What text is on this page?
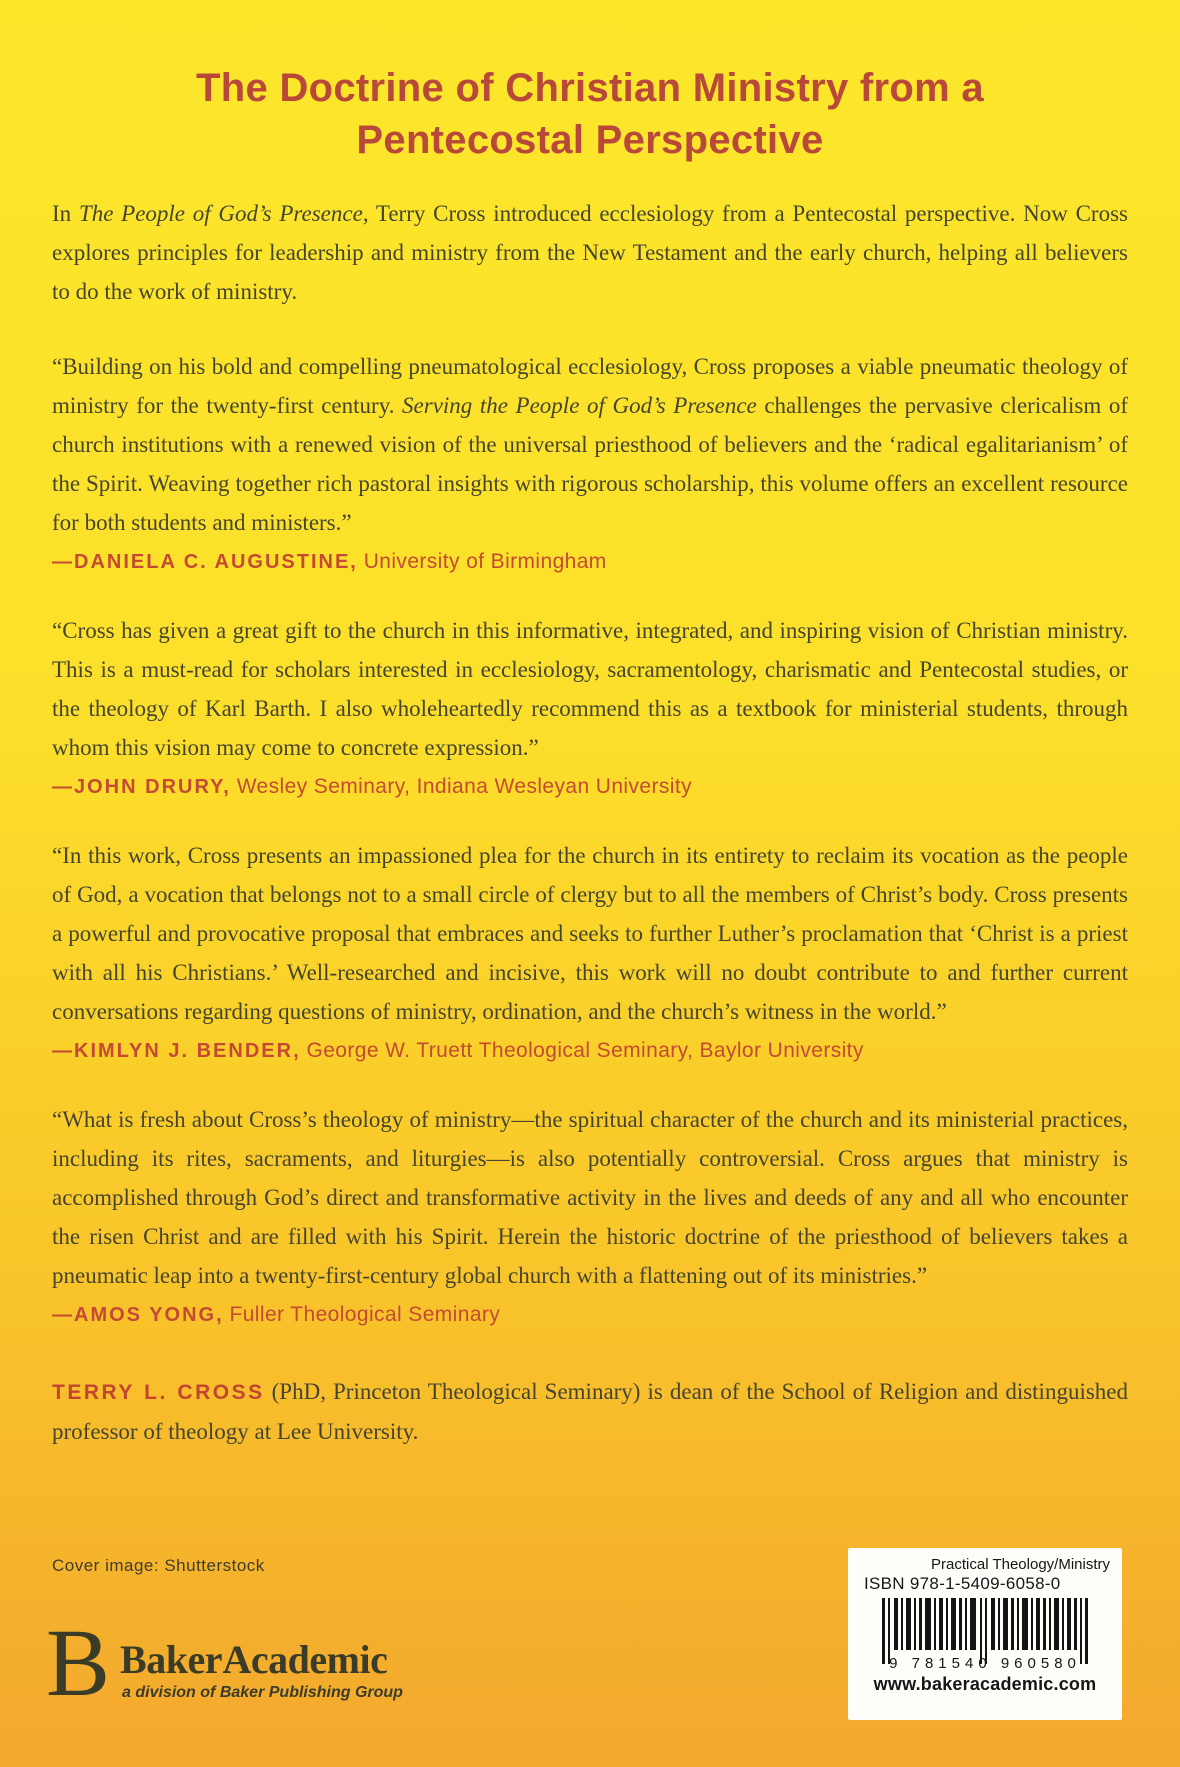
The Doctrine of Christian Ministry from a
Pentecostal Perspective

In The People of God’s Presence, Terry Cross introduced ecclesiology from a Pentecostal perspective. Now Cross explores principles for leadership and ministry from the New Testament and the early church, helping all believers to do the work of ministry.

“Building on his bold and compelling pneumatological ecclesiology, Cross proposes a viable pneumatic theology of ministry for the twenty-first century. Serving the People of God’s Presence challenges the pervasive clericalism of church institutions with a renewed vision of the universal priesthood of believers and the ‘radical egalitarianism’ of the Spirit. Weaving together rich pastoral insights with rigorous scholarship, this volume offers an excellent resource for both students and ministers.”

—DANIELA C. AUGUSTINE, University of Birmingham

“Cross has given a great gift to the church in this informative, integrated, and inspiring vision of Christian ministry. This is a must-read for scholars interested in ecclesiology, sacramentology, charismatic and Pentecostal studies, or the theology of Karl Barth. I also wholeheartedly recommend this as a textbook for ministerial students, through whom this vision may come to concrete expression.”

—JOHN DRURY, Wesley Seminary, Indiana Wesleyan University

“In this work, Cross presents an impassioned plea for the church in its entirety to reclaim its vocation as the people of God, a vocation that belongs not to a small circle of clergy but to all the members of Christ’s body. Cross presents a powerful and provocative proposal that embraces and seeks to further Luther’s proclamation that ‘Christ is a priest with all his Christians.’ Well-researched and incisive, this work will no doubt contribute to and further current conversations regarding questions of ministry, ordination, and the church’s witness in the world.”

—KIMLYN J. BENDER, George W. Truett Theological Seminary, Baylor University

“What is fresh about Cross’s theology of ministry—the spiritual character of the church and its ministerial practices, including its rites, sacraments, and liturgies—is also potentially controversial. Cross argues that ministry is accomplished through God’s direct and transformative activity in the lives and deeds of any and all who encounter the risen Christ and are filled with his Spirit. Herein the historic doctrine of the priesthood of believers takes a pneumatic leap into a twenty-first-century global church with a flattening out of its ministries.”

—AMOS YONG, Fuller Theological Seminary

TERRY L. CROSS (PhD, Princeton Theological Seminary) is dean of the School of Religion and distinguished professor of theology at Lee University.

Cover image: Shutterstock
B Baker Academic
a division of Baker Publishing Group
Practical Theology/Ministry
ISBN 978-1-5409-6058-0
9 781540 960580
www.bakeracademic.com
